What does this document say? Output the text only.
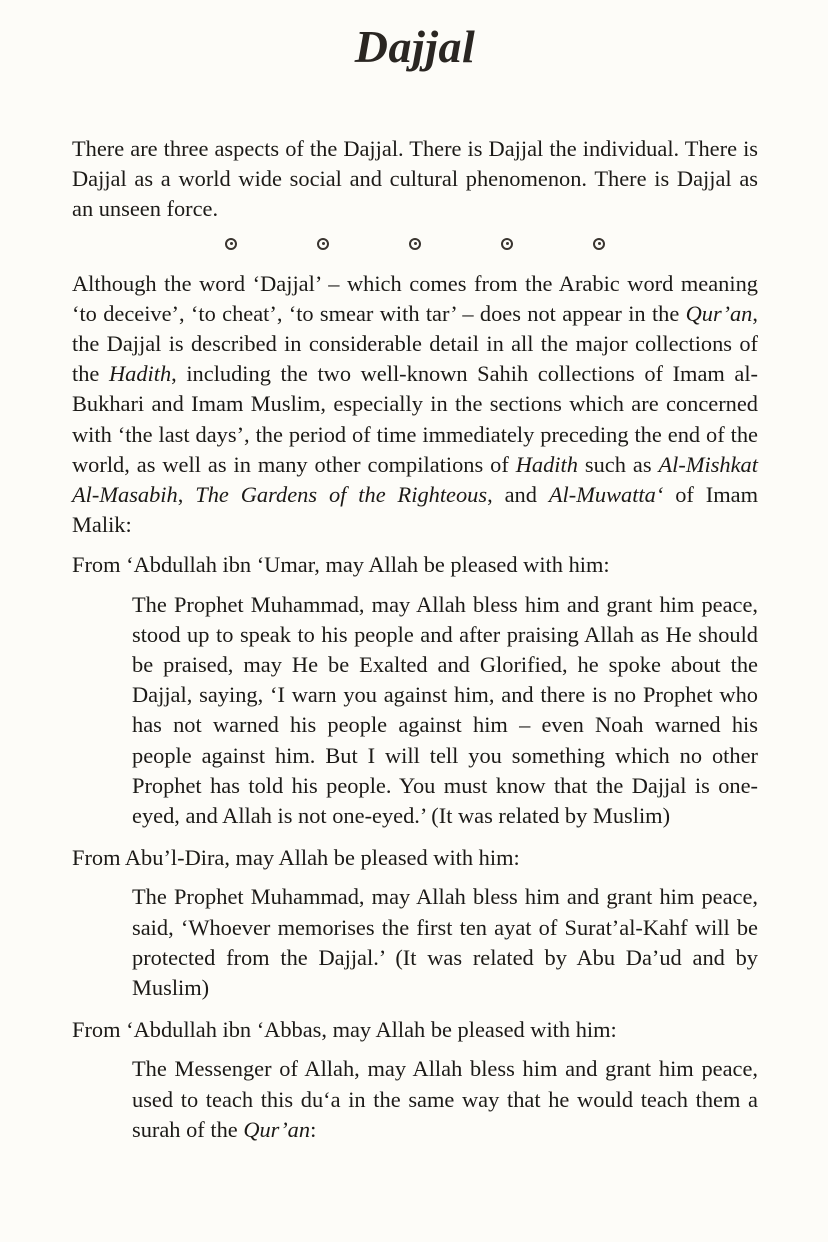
Dajjal

There are three aspects of the Dajjal. There is Dajjal the individual. There is Dajjal as a world wide social and cultural phenomenon. There is Dajjal as an unseen force.

Although the word ‘Dajjal’ – which comes from the Arabic word meaning ‘to deceive’, ‘to cheat’, ‘to smear with tar’ – does not appear in the Qur’an, the Dajjal is described in considerable detail in all the major collections of the Hadith, including the two well-known Sahih collections of Imam al-Bukhari and Imam Muslim, especially in the sections which are concerned with ‘the last days’, the period of time immediately preceding the end of the world, as well as in many other compilations of Hadith such as Al-Mishkat Al-Masabih, The Gardens of the Righteous, and Al-Muwatta‘ of Imam Malik:

From ‘Abdullah ibn ‘Umar, may Allah be pleased with him:

The Prophet Muhammad, may Allah bless him and grant him peace, stood up to speak to his people and after praising Allah as He should be praised, may He be Exalted and Glorified, he spoke about the Dajjal, saying, ‘I warn you against him, and there is no Prophet who has not warned his people against him – even Noah warned his people against him. But I will tell you something which no other Prophet has told his people. You must know that the Dajjal is one-eyed, and Allah is not one-eyed.’ (It was related by Muslim)

From Abu’l-Dira, may Allah be pleased with him:

The Prophet Muhammad, may Allah bless him and grant him peace, said, ‘Whoever memorises the first ten ayat of Surat’al-Kahf will be protected from the Dajjal.’ (It was related by Abu Da’ud and by Muslim)

From ‘Abdullah ibn ‘Abbas, may Allah be pleased with him:

The Messenger of Allah, may Allah bless him and grant him peace, used to teach this du‘a in the same way that he would teach them a surah of the Qur’an:
